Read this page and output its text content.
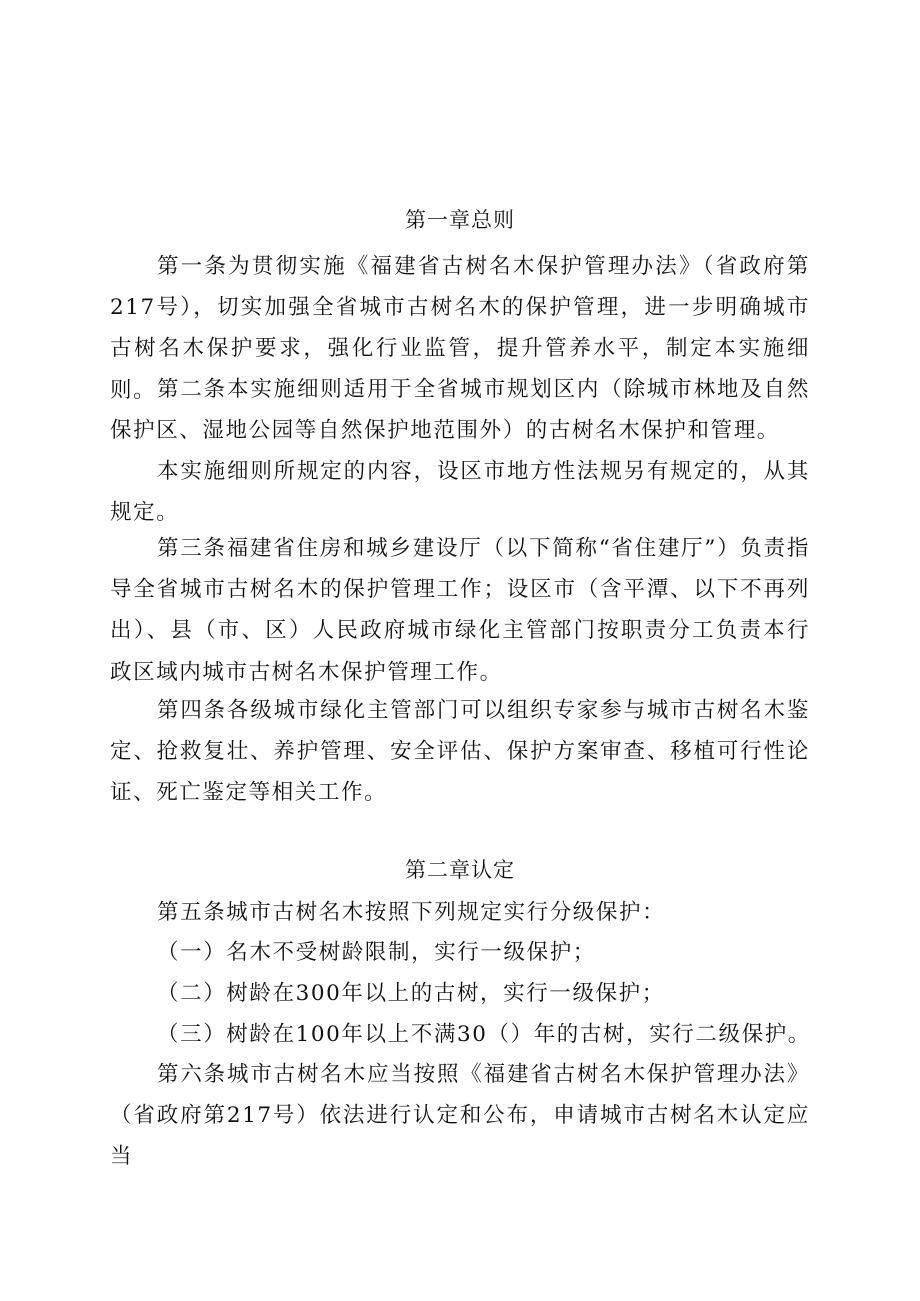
第一章总则
第一条为贯彻实施《福建省古树名木保护管理办法》（省政府第217号），切实加强全省城市古树名木的保护管理，进一步明确城市古树名木保护要求，强化行业监管，提升管养水平，制定本实施细则。 第二条本实施细则适用于全省城市规划区内（除城市林地及自然保护区、湿地公园等自然保护地范围外）的古树名木保护和管理。
本实施细则所规定的内容，设区市地方性法规另有规定的，从其规定。
第三条福建省住房和城乡建设厅（以下简称“省住建厅”）负责指导全省城市古树名木的保护管理工作；设区市（含平潭、以下不再列出）、县（市、区）人民政府城市绿化主管部门按职责分工负责本行政区域内城市古树名木保护管理工作。
第四条各级城市绿化主管部门可以组织专家参与城市古树名木鉴定、抢救复壮、养护管理、安全评估、保护方案审查、移植可行性论证、死亡鉴定等相关工作。
第二章认定
第五条城市古树名木按照下列规定实行分级保护：
（一）名木不受树龄限制，实行一级保护；
（二）树龄在300年以上的古树，实行一级保护；
（三）树龄在100年以上不满30（）年的古树，实行二级保护。
第六条城市古树名木应当按照《福建省古树名木保护管理办法》（省政府第217号）依法进行认定和公布，申请城市古树名木认定应当
